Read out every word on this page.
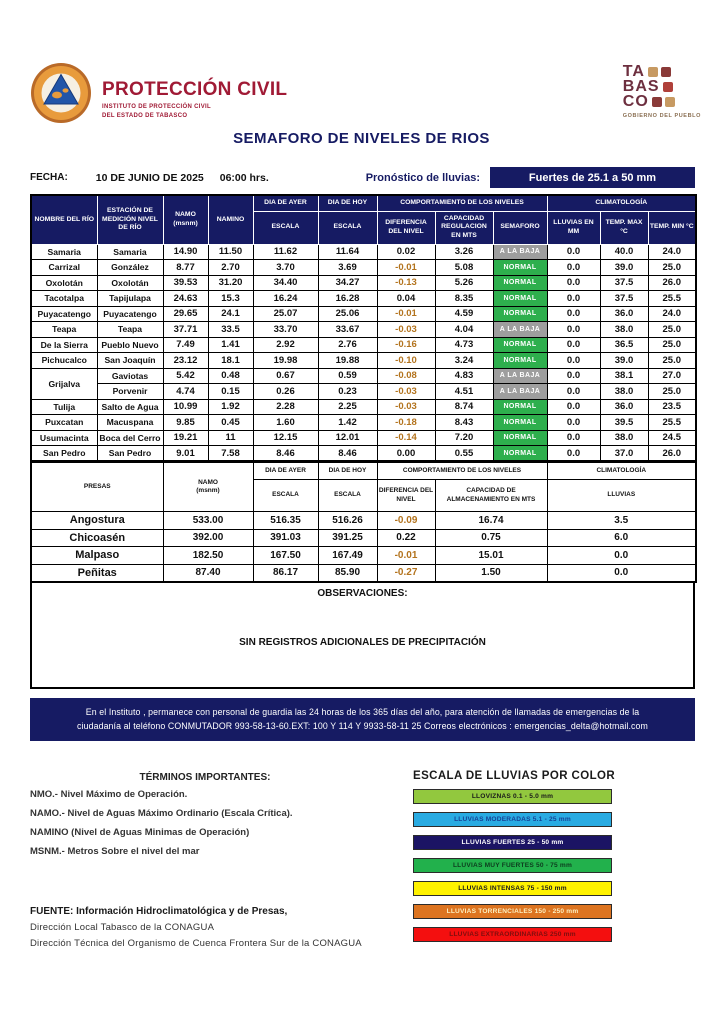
PROTECCIÓN CIVIL
INSTITUTO DE PROTECCIÓN CIVIL
DEL ESTADO DE TABASCO
TA
BAS
CO
GOBIERNO DEL PUEBLO
SEMAFORO DE NIVELES DE RIOS
FECHA:	10 DE JUNIO DE 2025 06:00 hrs.	Pronóstico de lluvias:	Fuertes de 25.1 a 50 mm
NOMBRE DEL RÍO	ESTACIÓN DE MEDICIÓN NIVEL DE RÍO	NAMO
(msnm)	NAMINO	DIA DE AYER	DIA DE HOY	COMPORTAMIENTO DE LOS NIVELES			CLIMATOLOGÍA		
				ESCALA	ESCALA	DIFERENCIA DEL NIVEL	CAPACIDAD REGULACION EN MTS	SEMAFORO	LLUVIAS EN MM	TEMP. MAX °C	TEMP. MIN °C
Samaria	Samaria	14.90	11.50	11.62	11.64	0.02	3.26	A LA BAJA	0.0	40.0	24.0
Carrizal	González	8.77	2.70	3.70	3.69	-0.01	5.08	NORMAL	0.0	39.0	25.0
Oxolotán	Oxolotán	39.53	31.20	34.40	34.27	-0.13	5.26	NORMAL	0.0	37.5	26.0
Tacotalpa	Tapijulapa	24.63	15.3	16.24	16.28	0.04	8.35	NORMAL	0.0	37.5	25.5
Puyacatengo	Puyacatengo	29.65	24.1	25.07	25.06	-0.01	4.59	NORMAL	0.0	36.0	24.0
Teapa	Teapa	37.71	33.5	33.70	33.67	-0.03	4.04	A LA BAJA	0.0	38.0	25.0
De la Sierra	Pueblo Nuevo	7.49	1.41	2.92	2.76	-0.16	4.73	NORMAL	0.0	36.5	25.0
Pichucalco	San Joaquín	23.12	18.1	19.98	19.88	-0.10	3.24	NORMAL	0.0	39.0	25.0
Grijalva	Gaviotas	5.42	0.48	0.67	0.59	-0.08	4.83	A LA BAJA	0.0	38.1	27.0
	Porvenir	4.74	0.15	0.26	0.23	-0.03	4.51	A LA BAJA	0.0	38.0	25.0
Tulija	Salto de Agua	10.99	1.92	2.28	2.25	-0.03	8.74	NORMAL	0.0	36.0	23.5
Puxcatan	Macuspana	9.85	0.45	1.60	1.42	-0.18	8.43	NORMAL	0.0	39.5	25.5
Usumacinta	Boca del Cerro	19.21	11	12.15	12.01	-0.14	7.20	NORMAL	0.0	38.0	24.5
San Pedro	San Pedro	9.01	7.58	8.46	8.46	0.00	0.55	NORMAL	0.0	37.0	26.0
PRESAS	NAMO
(msnm)	DIA DE AYER	DIA DE HOY	COMPORTAMIENTO DE LOS NIVELES		CLIMATOLOGÍA
		ESCALA	ESCALA	DIFERENCIA DEL NIVEL	CAPACIDAD DE ALMACENAMIENTO EN MTS	LLUVIAS
Angostura	533.00	516.35	516.26	-0.09	16.74	3.5
Chicoasén	392.00	391.03	391.25	0.22	0.75	6.0
Malpaso	182.50	167.50	167.49	-0.01	15.01	0.0
Peñitas	87.40	86.17	85.90	-0.27	1.50	0.0
OBSERVACIONES:
SIN REGISTROS ADICIONALES DE PRECIPITACIÓN
En el Instituto , permanece con personal de guardia las 24 horas de los 365 días del año, para atención de llamadas de emergencias de la
ciudadanía al teléfono CONMUTADOR 993-58-13-60.EXT: 100 Y 114 Y 9933-58-11 25 Correos electrónicos : emergencias_delta@hotmail.com
TÉRMINOS IMPORTANTES:
NMO.- Nivel Máximo de Operación.
NAMO.- Nivel de Aguas Máximo Ordinario (Escala Crítica).
NAMINO (Nivel de Aguas Minimas de Operación)
MSNM.- Metros Sobre el nivel del mar
ESCALA DE LLUVIAS POR COLOR
LLOVIZNAS 0.1 - 5.0 mm
LLUVIAS MODERADAS 5.1 - 25 mm
LLUVIAS FUERTES 25 - 50 mm
LLUVIAS MUY FUERTES 50 - 75 mm
LLUVIAS INTENSAS 75 - 150 mm
LLUVIAS TORRENCIALES 150 - 250 mm
LLUVIAS EXTRAORDINARIAS 250 mm
FUENTE: Información Hidroclimatológica y de Presas,
Dirección Local Tabasco de la CONAGUA
Dirección Técnica del Organismo de Cuenca Frontera Sur de la CONAGUA
